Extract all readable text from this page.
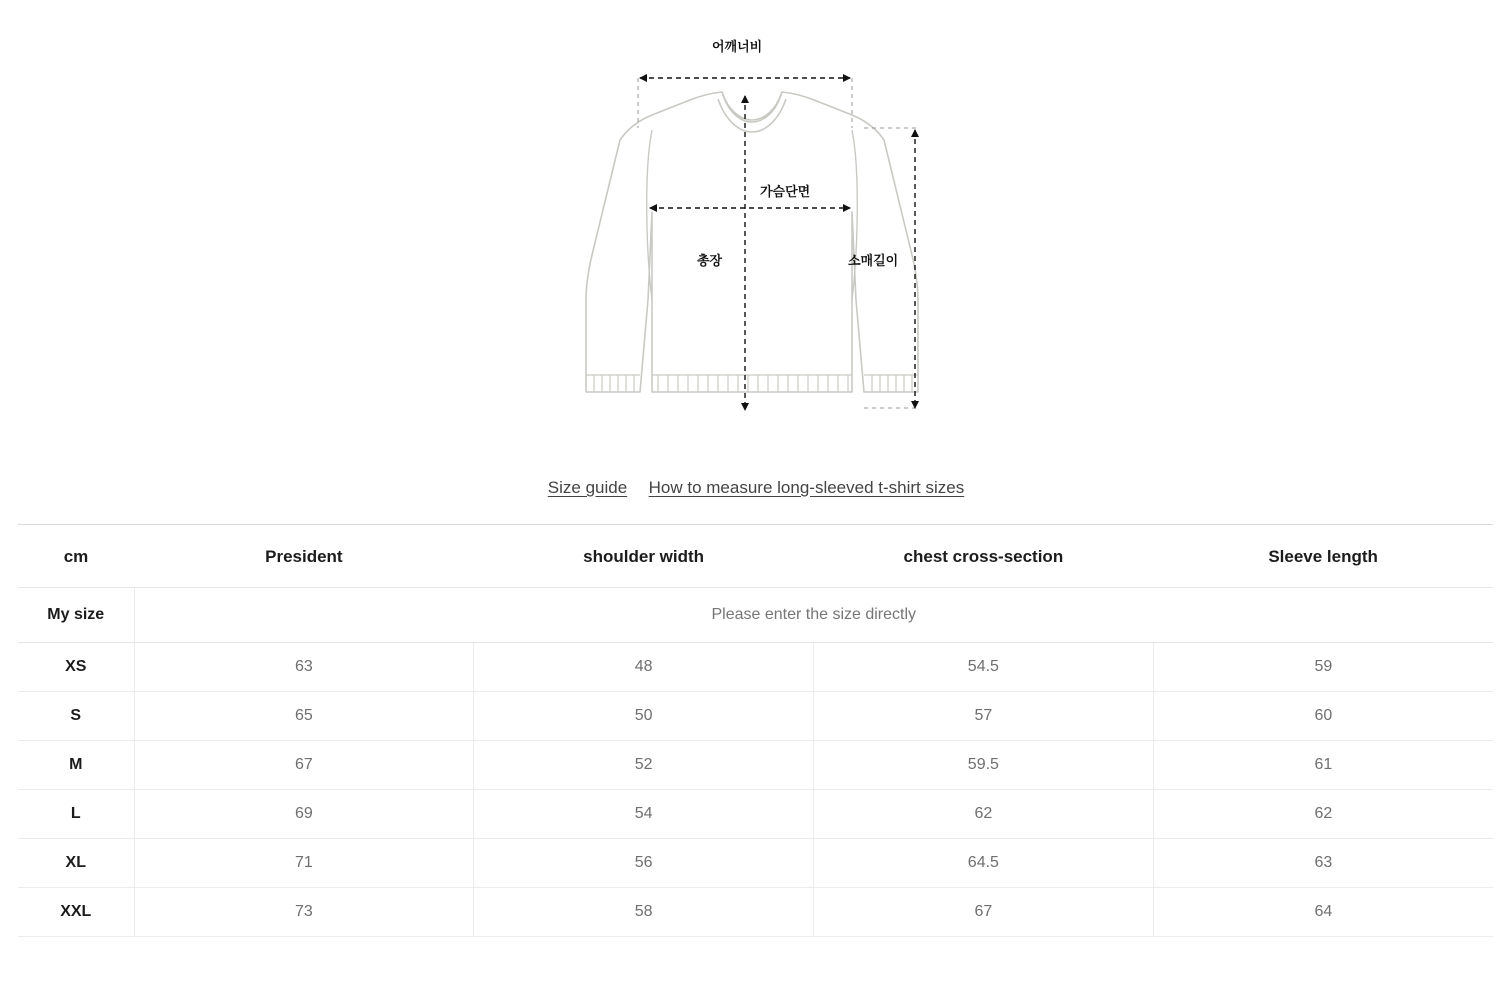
어깨너비
가슴단면
총장	소매길이
Size guide How to measure long-sleeved t-shirt sizes
cm	President	shoulder width	chest cross-section	Sleeve length
My size	Please enter the size directly			
XS	63	48	54.5	59
S	65	50	57	60
M	67	52	59.5	61
L	69	54	62	62
XL	71	56	64.5	63
XXL	73	58	67	64
